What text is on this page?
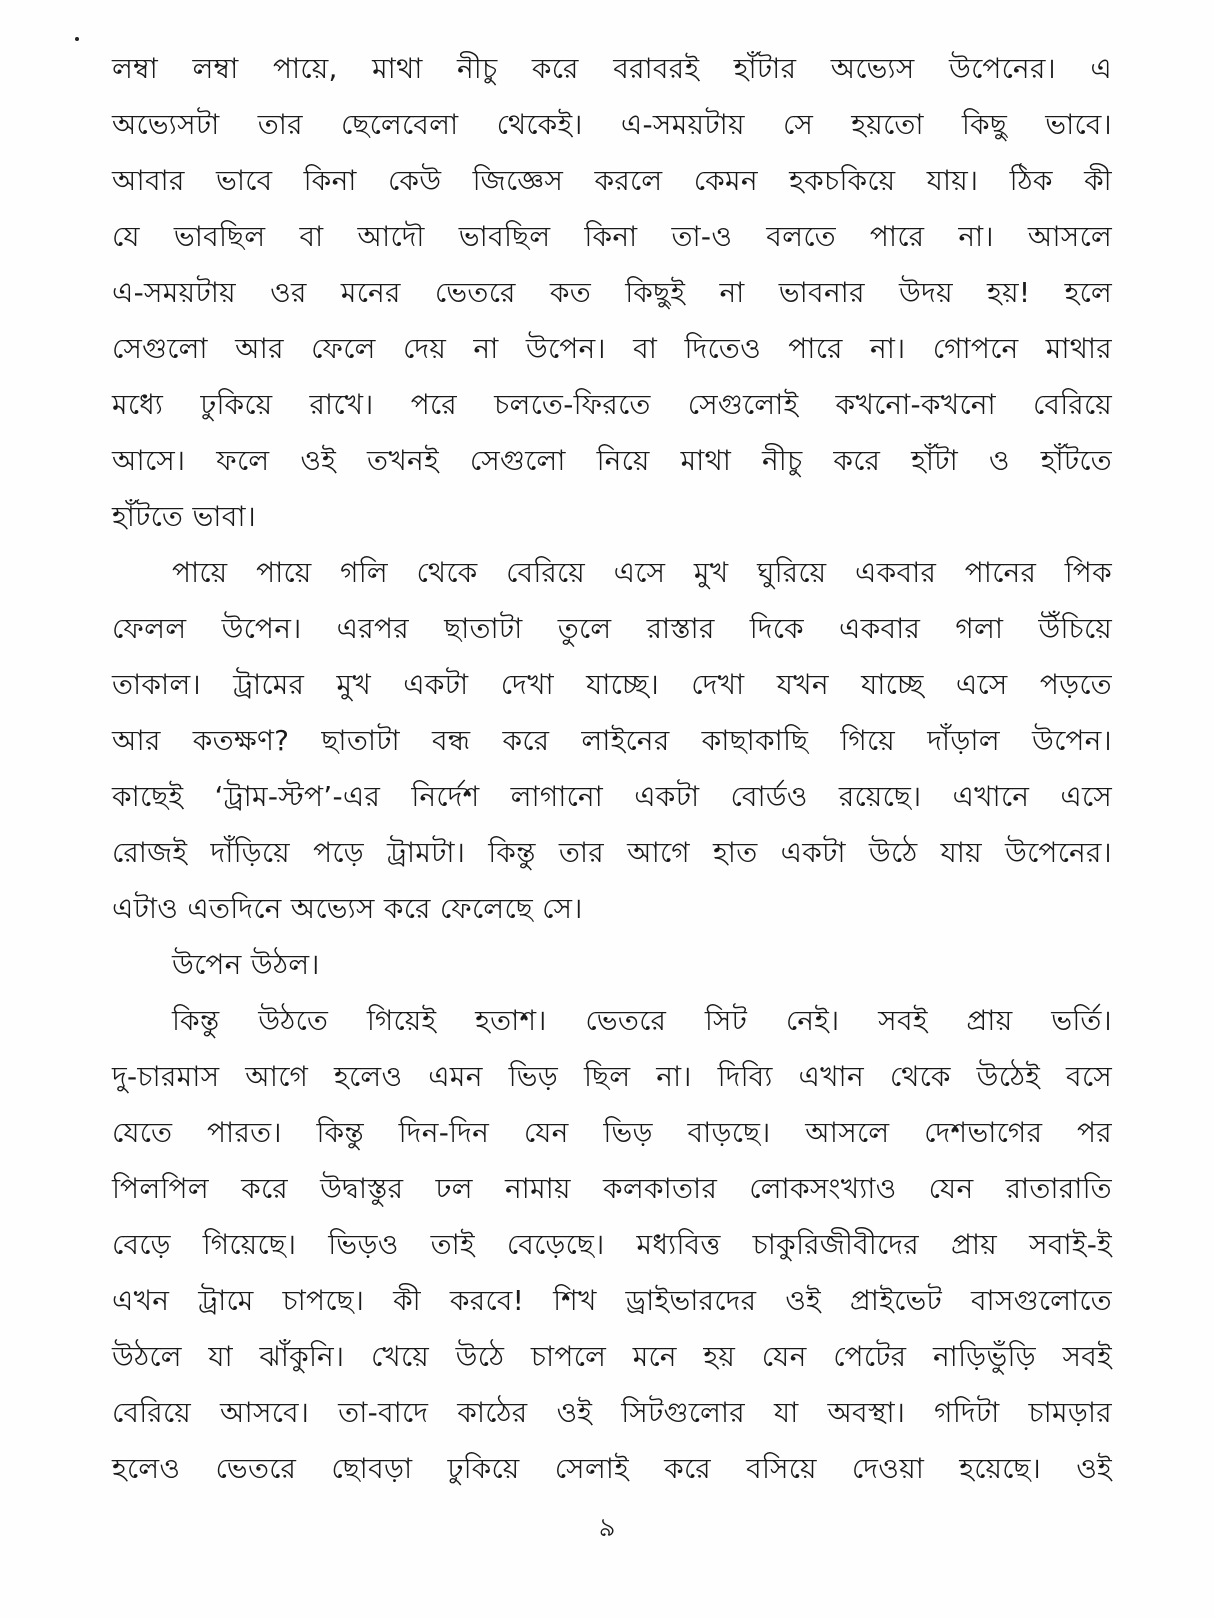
লম্বা লম্বা পায়ে, মাথা নীচু করে বরাবরই হাঁটার অভ্যেস উপেনের। এ
অভ্যেসটা তার ছেলেবেলা থেকেই। এ-সময়টায় সে হয়তো কিছু ভাবে।
আবার ভাবে কিনা কেউ জিজ্ঞেস করলে কেমন হকচকিয়ে যায়। ঠিক কী
যে ভাবছিল বা আদৌ ভাবছিল কিনা তা-ও বলতে পারে না। আসলে
এ-সময়টায় ওর মনের ভেতরে কত কিছুই না ভাবনার উদয় হয়! হলে
সেগুলো আর ফেলে দেয় না উপেন। বা দিতেও পারে না। গোপনে মাথার
মধ্যে ঢুকিয়ে রাখে। পরে চলতে-ফিরতে সেগুলোই কখনো-কখনো বেরিয়ে
আসে। ফলে ওই তখনই সেগুলো নিয়ে মাথা নীচু করে হাঁটা ও হাঁটতে
হাঁটতে ভাবা।
পায়ে পায়ে গলি থেকে বেরিয়ে এসে মুখ ঘুরিয়ে একবার পানের পিক
ফেলল উপেন। এরপর ছাতাটা তুলে রাস্তার দিকে একবার গলা উঁচিয়ে
তাকাল। ট্রামের মুখ একটা দেখা যাচ্ছে। দেখা যখন যাচ্ছে এসে পড়তে
আর কতক্ষণ? ছাতাটা বন্ধ করে লাইনের কাছাকাছি গিয়ে দাঁড়াল উপেন।
কাছেই ‘ট্রাম-স্টপ’-এর নির্দেশ লাগানো একটা বোর্ডও রয়েছে। এখানে এসে
রোজই দাঁড়িয়ে পড়ে ট্রামটা। কিন্তু তার আগে হাত একটা উঠে যায় উপেনের।
এটাও এতদিনে অভ্যেস করে ফেলেছে সে।
উপেন উঠল।
কিন্তু উঠতে গিয়েই হতাশ। ভেতরে সিট নেই। সবই প্রায় ভর্তি।
দু-চারমাস আগে হলেও এমন ভিড় ছিল না। দিব্যি এখান থেকে উঠেই বসে
যেতে পারত। কিন্তু দিন-দিন যেন ভিড় বাড়ছে। আসলে দেশভাগের পর
পিলপিল করে উদ্বাস্তুর ঢল নামায় কলকাতার লোকসংখ্যাও যেন রাতারাতি
বেড়ে গিয়েছে। ভিড়ও তাই বেড়েছে। মধ্যবিত্ত চাকুরিজীবীদের প্রায় সবাই-ই
এখন ট্রামে চাপছে। কী করবে! শিখ ড্রাইভারদের ওই প্রাইভেট বাসগুলোতে
উঠলে যা ঝাঁকুনি। খেয়ে উঠে চাপলে মনে হয় যেন পেটের নাড়িভুঁড়ি সবই
বেরিয়ে আসবে। তা-বাদে কাঠের ওই সিটগুলোর যা অবস্থা। গদিটা চামড়ার
হলেও ভেতরে ছোবড়া ঢুকিয়ে সেলাই করে বসিয়ে দেওয়া হয়েছে। ওই
৯
